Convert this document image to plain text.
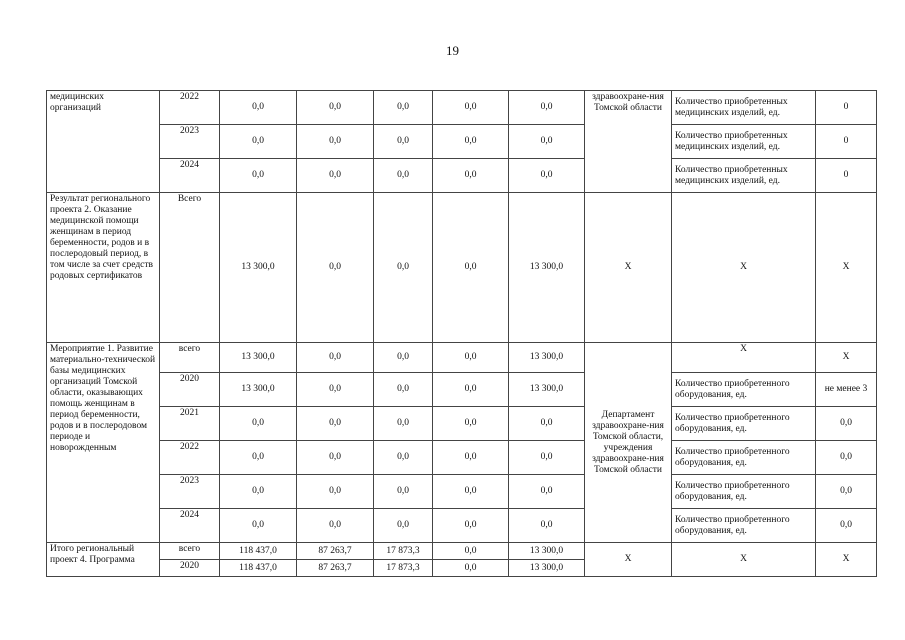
19
медицинских организаций	2022	0,0	0,0	0,0	0,0	0,0	здравоохране-ния Томской области	Количество приобретенных медицинских изделий, ед.	0
	2023	0,0	0,0	0,0	0,0	0,0		Количество приобретенных медицинских изделий, ед.	0
	2024	0,0	0,0	0,0	0,0	0,0		Количество приобретенных медицинских изделий, ед.	0
Результат регионального проекта 2. Оказание медицинской помощи женщинам в период беременности, родов и в послеродовый период, в том числе за счет средств родовых сертификатов	Всего	13 300,0	0,0	0,0	0,0	13 300,0	X	X	X
Мероприятие 1. Развитие материально-технической базы медицинских организаций Томской области, оказывающих помощь женщинам в период беременности, родов и в послеродовом периоде и новорожденным	всего	13 300,0	0,0	0,0	0,0	13 300,0	Департамент здравоохране-ния Томской области, учреждения здравоохране-ния Томской области	X	X
	2020	13 300,0	0,0	0,0	0,0	13 300,0		Количество приобретенного оборудования, ед.	не менее 3
	2021	0,0	0,0	0,0	0,0	0,0		Количество приобретенного оборудования, ед.	0,0
	2022	0,0	0,0	0,0	0,0	0,0		Количество приобретенного оборудования, ед.	0,0
	2023	0,0	0,0	0,0	0,0	0,0		Количество приобретенного оборудования, ед.	0,0
	2024	0,0	0,0	0,0	0,0	0,0		Количество приобретенного оборудования, ед.	0,0
Итого региональный проект 4. Программа	всего	118 437,0	87 263,7	17 873,3	0,0	13 300,0	X	X	X
	2020	118 437,0	87 263,7	17 873,3	0,0	13 300,0			
